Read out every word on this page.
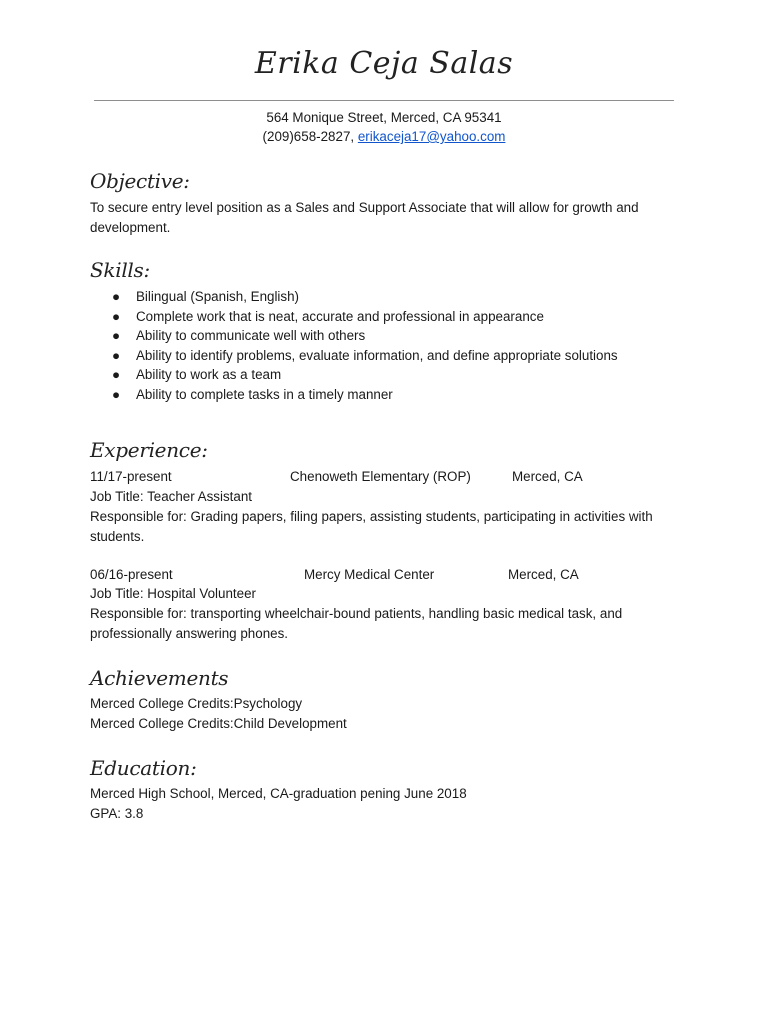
Erika Ceja Salas
564 Monique Street, Merced, CA 95341
(209)658-2827, erikaceja17@yahoo.com
Objective:
To secure entry level position as a Sales and Support Associate that will allow for growth and development.
Skills:
● Bilingual (Spanish, English)
● Complete work that is neat, accurate and professional in appearance
● Ability to communicate well with others
● Ability to identify problems, evaluate information, and define appropriate solutions
● Ability to work as a team
● Ability to complete tasks in a timely manner
Experience:
11/17-present	Chenoweth Elementary (ROP)	Merced, CA
Job Title: Teacher Assistant
Responsible for: Grading papers, filing papers, assisting students, participating in activities with students.
06/16-present	Mercy Medical Center	Merced, CA
Job Title: Hospital Volunteer
Responsible for: transporting wheelchair-bound patients, handling basic medical task, and professionally answering phones.
Achievements
Merced College Credits:Psychology
Merced College Credits:Child Development
Education:
Merced High School, Merced, CA-graduation pening June 2018
GPA: 3.8
